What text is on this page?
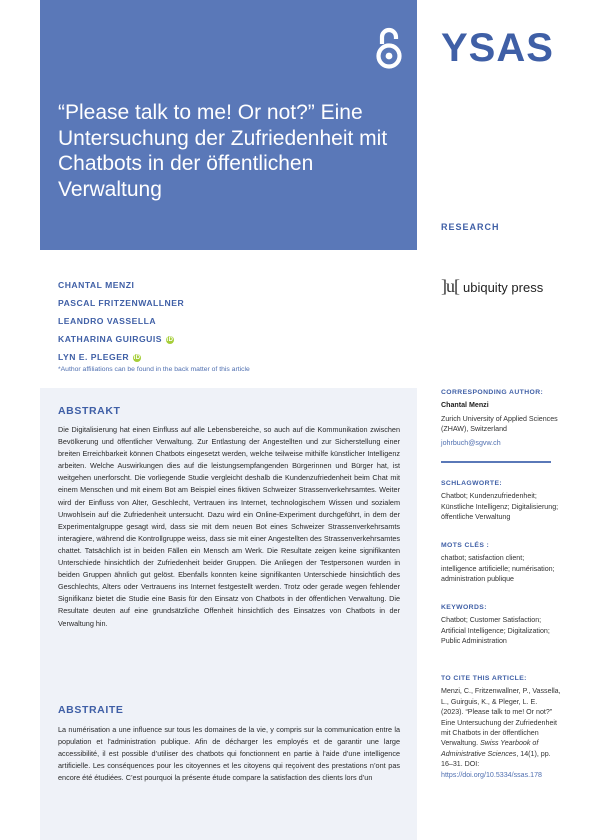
“Please talk to me! Or not?” Eine Untersuchung der Zufriedenheit mit Chatbots in der öffentlichen Verwaltung
YSAS
RESEARCH
]u[ ubiquity press
CHANTAL MENZI
PASCAL FRITZENWALLNER
LEANDRO VASSELLA
KATHARINA GUIRGUIS iD
LYN E. PLEGER iD
*Author affiliations can be found in the back matter of this article
ABSTRAKT
Die Digitalisierung hat einen Einfluss auf alle Lebensbereiche, so auch auf die Kommunikation zwischen Bevölkerung und öffentlicher Verwaltung. Zur Entlastung der Angestellten und zur Sicherstellung einer breiten Erreichbarkeit können Chatbots eingesetzt werden, welche teilweise mithilfe künstlicher Intelligenz arbeiten. Welche Auswirkungen dies auf die leistungsempfangenden Bürgerinnen und Bürger hat, ist weitgehen unerforscht. Die vorliegende Studie vergleicht deshalb die Kundenzufriedenheit beim Chat mit einem Menschen und mit einem Bot am Beispiel eines fiktiven Schweizer Strassenverkehrsamtes. Weiter wird der Einfluss von Alter, Geschlecht, Vertrauen ins Internet, technologischem Wissen und sozialem Unwohlsein auf die Zufriedenheit untersucht. Dazu wird ein Online-Experiment durchgeführt, in dem der Experimentalgruppe gesagt wird, dass sie mit dem neuen Bot eines Schweizer Strassenverkehrsamts interagiere, während die Kontrollgruppe weiss, dass sie mit einer Angestellten des Strassenverkehrsamtes chattet. Tatsächlich ist in beiden Fällen ein Mensch am Werk. Die Resultate zeigen keine signifikanten Unterschiede hinsichtlich der Zufriedenheit beider Gruppen. Die Anliegen der Testpersonen wurden in beiden Gruppen ähnlich gut gelöst. Ebenfalls konnten keine signifikanten Unterschiede hinsichtlich des Geschlechts, Alters oder Vertrauens ins Internet festgestellt werden. Trotz oder gerade wegen fehlender Signifikanz bietet die Studie eine Basis für den Einsatz von Chatbots in der öffentlichen Verwaltung. Die Resultate deuten auf eine grundsätzliche Offenheit hinsichtlich des Einsatzes von Chatbots in der Verwaltung hin.
ABSTRAITE
La numérisation a une influence sur tous les domaines de la vie, y compris sur la communication entre la population et l’administration publique. Afin de décharger les employés et de garantir une large accessibilité, il est possible d’utiliser des chatbots qui fonctionnent en partie à l’aide d’une intelligence artificielle. Les conséquences pour les citoyennes et les citoyens qui reçoivent des prestations n’ont pas encore été étudiées. C’est pourquoi la présente étude compare la satisfaction des clients lors d’un
CORRESPONDING AUTHOR:
Chantal Menzi
Zurich University of Applied Sciences (ZHAW), Switzerland
johrbuch@sgvw.ch
SCHLAGWORTE:
Chatbot; Kundenzufriedenheit; Künstliche Intelligenz; Digitalisierung; öffentliche Verwaltung
MOTS CLÉS :
chatbot; satisfaction client; intelligence artificielle; numérisation; administration publique
KEYWORDS:
Chatbot; Customer Satisfaction; Artificial Intelligence; Digitalization; Public Administration
TO CITE THIS ARTICLE:
Menzi, C., Fritzenwallner, P., Vassella, L., Guirguis, K., & Pleger, L. E. (2023). “Please talk to me! Or not?” Eine Untersuchung der Zufriedenheit mit Chatbots in der öffentlichen Verwaltung. Swiss Yearbook of Administrative Sciences, 14(1), pp. 16–31. DOI: https://doi.org/10.5334/ssas.178
